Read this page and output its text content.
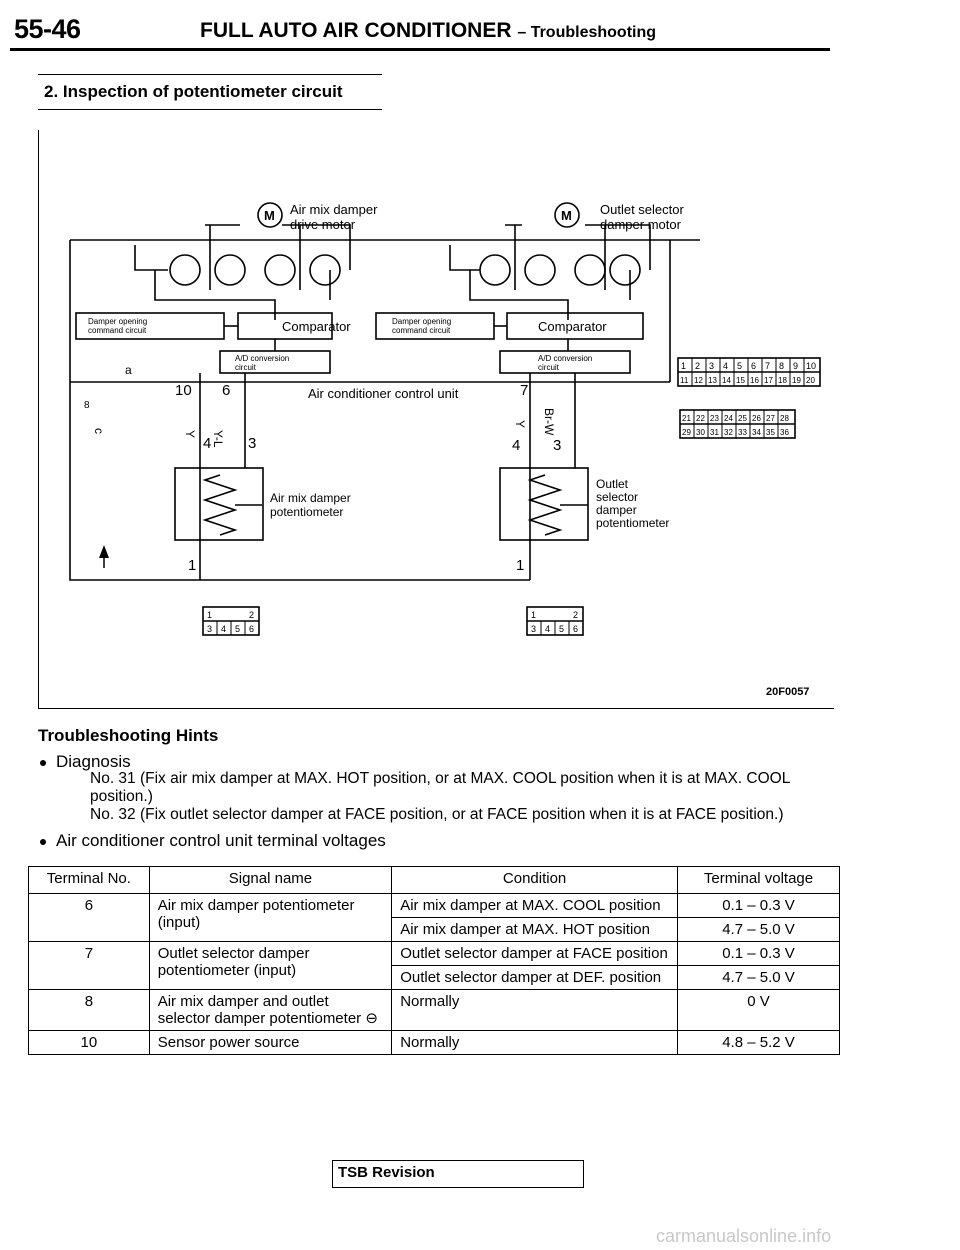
55-46	FULL AUTO AIR CONDITIONER – Troubleshooting
2. Inspection of potentiometer circuit
M	M
Air mix damper
drive motor
Outlet selector
damper motor
Comparator	Comparator
Air conditioner control unit
Air mix damper
potentiometer
Outlet
selector
damper
potentiometer
Damper opening
command circuit
Damper opening
command circuit
A/D conversion
circuit
A/D conversion
circuit
10 6	7
4 3	4 3
1	1
Y-L
Y
Y Br-W
a
8
c
1 2 3 4 5 6 7 8 9 10
11 12 13 14 15 16 17 18 19 20
21 22 23 24 25 26 27 28
29 30 31 32 33 34 35 36
1	2
3 4 5 6
1	2
3 4 5 6
20F0057
Troubleshooting Hints
Diagnosis
No. 31 (Fix air mix damper at MAX. HOT position, or at MAX. COOL position when it is at MAX. COOL position.)
No. 32 (Fix outlet selector damper at FACE position, or at FACE position when it is at FACE position.)
Air conditioner control unit terminal voltages
Terminal No.	Signal name	Condition	Terminal voltage
6	Air mix damper potentiometer (input)	Air mix damper at MAX. COOL position	0.1 – 0.3 V
		Air mix damper at MAX. HOT position	4.7 – 5.0 V
7	Outlet selector damper potentiometer (input)	Outlet selector damper at FACE position	0.1 – 0.3 V
		Outlet selector damper at DEF. position	4.7 – 5.0 V
8	Air mix damper and outlet selector damper potentiometer ⊖	Normally	0 V
10	Sensor power source	Normally	4.8 – 5.2 V
TSB Revision
carmanualsonline.info
